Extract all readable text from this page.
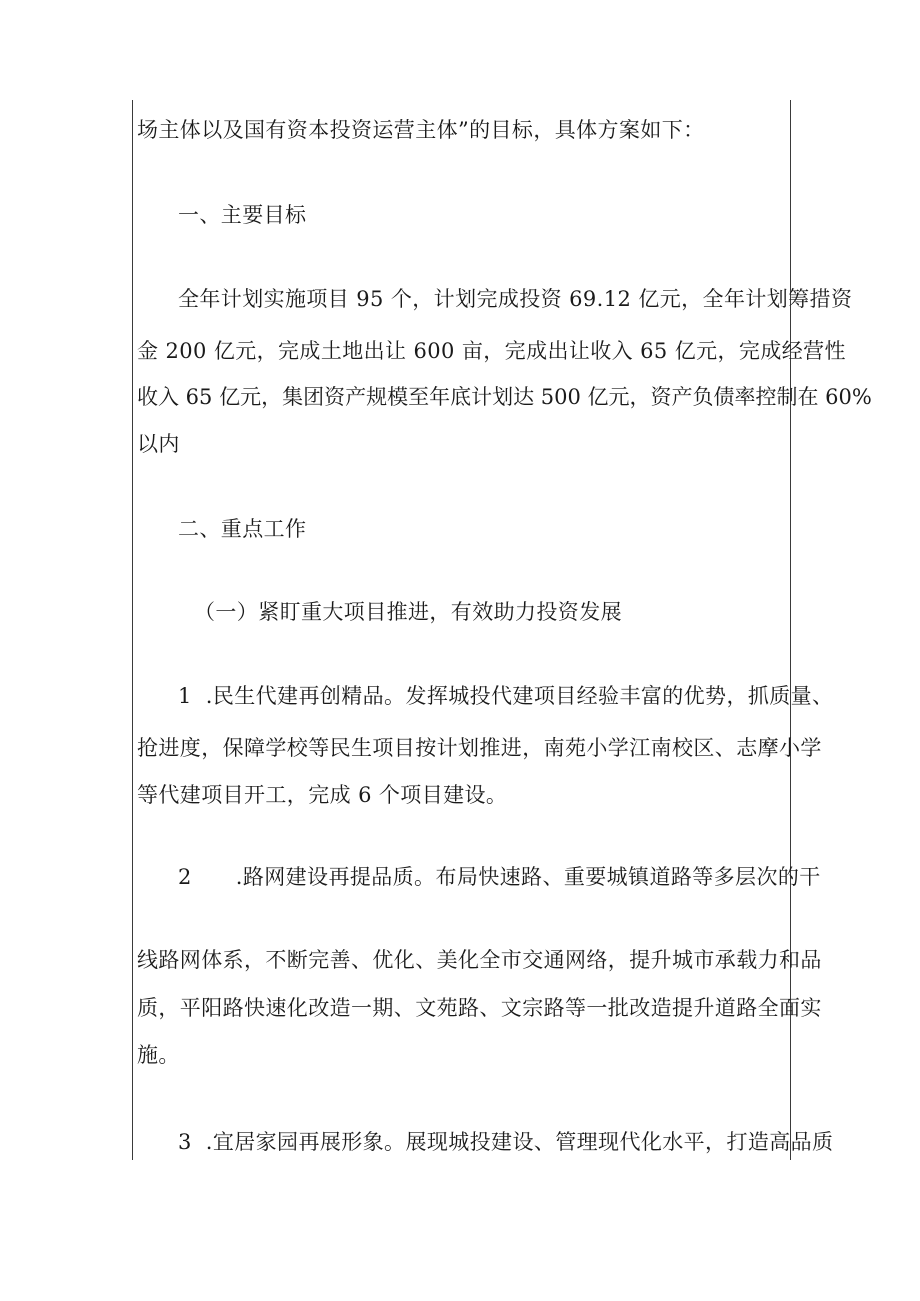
场主体以及国有资本投资运营主体”的目标，具体方案如下：
一、主要目标
全年计划实施项目 95 个，计划完成投资 69.12 亿元，全年计划筹措资
金 200 亿元，完成土地出让 600 亩，完成出让收入 65 亿元，完成经营性
收入 65 亿元，集团资产规模至年底计划达 500 亿元，资产负债率控制在 60%
以内
二、重点工作
（一）紧盯重大项目推进，有效助力投资发展
1 .民生代建再创精品。发挥城投代建项目经验丰富的优势，抓质量、
抢进度，保障学校等民生项目按计划推进，南苑小学江南校区、志摩小学
等代建项目开工，完成 6 个项目建设。
2 .路网建设再提品质。布局快速路、重要城镇道路等多层次的干
线路网体系，不断完善、优化、美化全市交通网络，提升城市承载力和品
质，平阳路快速化改造一期、文苑路、文宗路等一批改造提升道路全面实
施。
3 .宜居家园再展形象。展现城投建设、管理现代化水平，打造高品质
